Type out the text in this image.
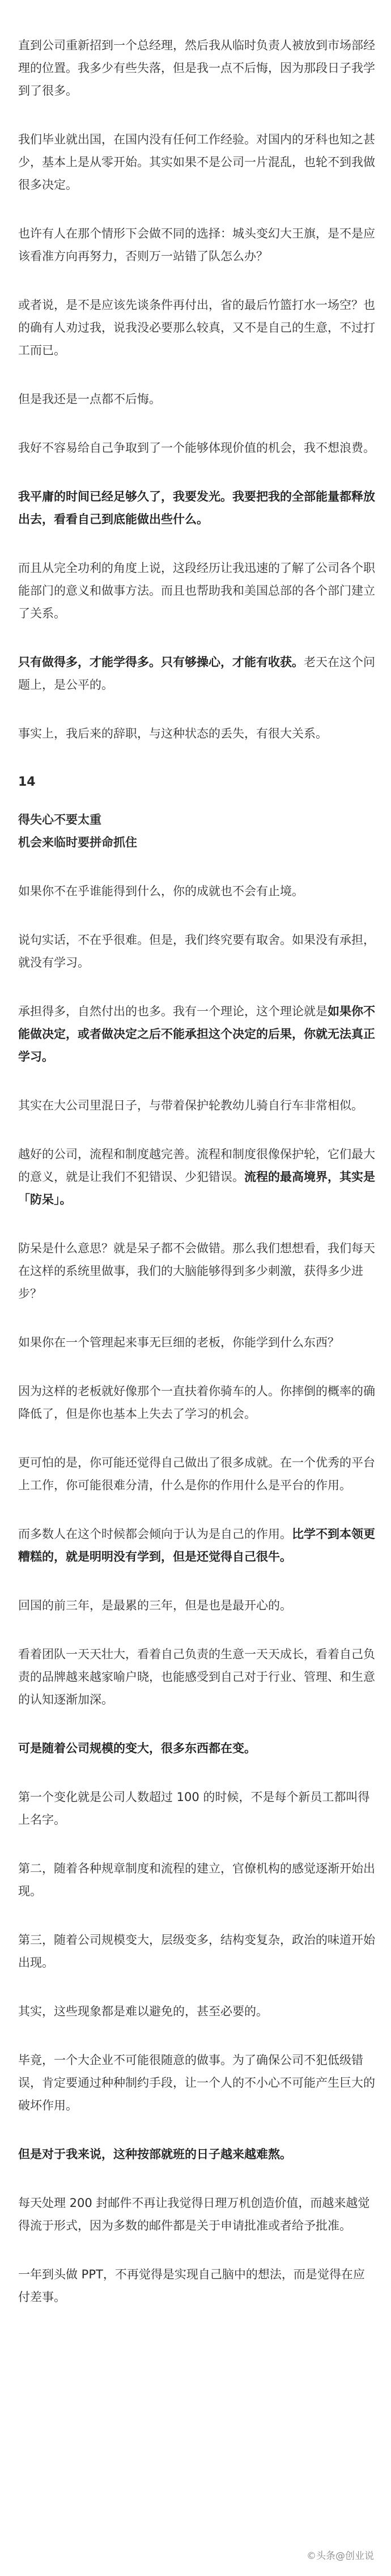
直到公司重新招到一个总经理，然后我从临时负责人被放到市场部经理的位置。我多少有些失落，但是我一点不后悔，因为那段日子我学到了很多。

我们毕业就出国，在国内没有任何工作经验。对国内的牙科也知之甚少，基本上是从零开始。其实如果不是公司一片混乱，也轮不到我做很多决定。

也许有人在那个情形下会做不同的选择：城头变幻大王旗，是不是应该看准方向再努力，否则万一站错了队怎么办？

或者说，是不是应该先谈条件再付出，省的最后竹篮打水一场空？也的确有人劝过我，说我没必要那么较真，又不是自己的生意，不过打工而已。

但是我还是一点都不后悔。

我好不容易给自己争取到了一个能够体现价值的机会，我不想浪费。

我平庸的时间已经足够久了，我要发光。我要把我的全部能量都释放出去，看看自己到底能做出些什么。

而且从完全功利的角度上说，这段经历让我迅速的了解了公司各个职能部门的意义和做事方法。而且也帮助我和美国总部的各个部门建立了关系。

只有做得多，才能学得多。只有够操心，才能有收获。老天在这个问题上，是公平的。

事实上，我后来的辞职，与这种状态的丢失，有很大关系。

14
得失心不要太重
机会来临时要拼命抓住

如果你不在乎谁能得到什么，你的成就也不会有止境。

说句实话，不在乎很难。但是，我们终究要有取舍。如果没有承担，就没有学习。

承担得多，自然付出的也多。我有一个理论，这个理论就是如果你不能做决定，或者做决定之后不能承担这个决定的后果，你就无法真正学习。

其实在大公司里混日子，与带着保护轮教幼儿骑自行车非常相似。

越好的公司，流程和制度越完善。流程和制度很像保护轮，它们最大的意义，就是让我们不犯错误、少犯错误。流程的最高境界，其实是「防呆」。

防呆是什么意思？就是呆子都不会做错。那么我们想想看，我们每天在这样的系统里做事，我们的大脑能够得到多少刺激，获得多少进步？

如果你在一个管理起来事无巨细的老板，你能学到什么东西？

因为这样的老板就好像那个一直扶着你骑车的人。你摔倒的概率的确降低了，但是你也基本上失去了学习的机会。

更可怕的是，你可能还觉得自己做出了很多成就。在一个优秀的平台上工作，你可能很难分清，什么是你的作用什么是平台的作用。

而多数人在这个时候都会倾向于认为是自己的作用。比学不到本领更糟糕的，就是明明没有学到，但是还觉得自己很牛。

回国的前三年，是最累的三年，但是也是最开心的。

看着团队一天天壮大，看着自己负责的生意一天天成长，看着自己负责的品牌越来越家喻户晓，也能感受到自己对于行业、管理、和生意的认知逐渐加深。

可是随着公司规模的变大，很多东西都在变。

第一个变化就是公司人数超过 100 的时候，不是每个新员工都叫得上名字。

第二，随着各种规章制度和流程的建立，官僚机构的感觉逐渐开始出现。

第三，随着公司规模变大，层级变多，结构变复杂，政治的味道开始出现。

其实，这些现象都是难以避免的，甚至必要的。

毕竟，一个大企业不可能很随意的做事。为了确保公司不犯低级错误，肯定要通过种种制约手段，让一个人的不小心不可能产生巨大的破坏作用。

但是对于我来说，这种按部就班的日子越来越难熬。

每天处理 200 封邮件不再让我觉得日理万机创造价值，而越来越觉得流于形式，因为多数的邮件都是关于申请批准或者给予批准。

一年到头做 PPT，不再觉得是实现自己脑中的想法，而是觉得在应付差事。

©头条@创业说
